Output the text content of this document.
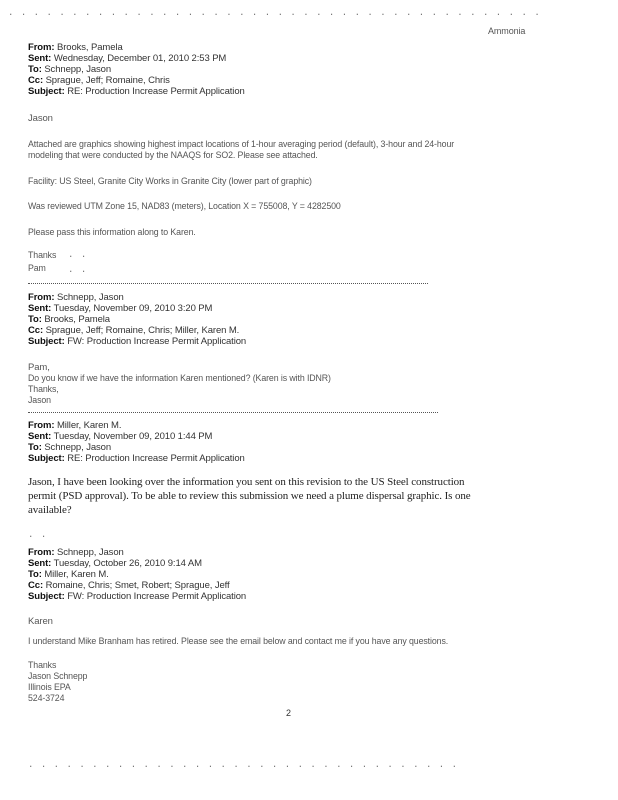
. . . . . . . . . . . . . . . . . . . . . . . . . . . . . . . . . . . . . . . . . .
Ammonia
From: Brooks, Pamela
Sent: Wednesday, December 01, 2010 2:53 PM
To: Schnepp, Jason
Cc: Sprague, Jeff; Romaine, Chris
Subject: RE: Production Increase Permit Application
Jason
Attached are graphics showing highest impact locations of 1-hour averaging period (default), 3-hour and 24-hour
modeling that were conducted by the NAAQS for SO2. Please see attached.
Facility: US Steel, Granite City Works in Granite City (lower part of graphic)
Was reviewed UTM Zone 15, NAD83 (meters), Location X = 755008, Y = 4282500
Please pass this information along to Karen.
Thanks . .
Pam . .
From: Schnepp, Jason
Sent: Tuesday, November 09, 2010 3:20 PM
To: Brooks, Pamela
Cc: Sprague, Jeff; Romaine, Chris; Miller, Karen M.
Subject: FW: Production Increase Permit Application
Pam,
Do you know if we have the information Karen mentioned? (Karen is with IDNR)
Thanks,
Jason
From: Miller, Karen M.
Sent: Tuesday, November 09, 2010 1:44 PM
To: Schnepp, Jason
Subject: RE: Production Increase Permit Application
Jason, I have been looking over the information you sent on this revision to the US Steel construction
permit (PSD approval). To be able to review this submission we need a plume dispersal graphic. Is one
available?
. .
From: Schnepp, Jason
Sent: Tuesday, October 26, 2010 9:14 AM
To: Miller, Karen M.
Cc: Romaine, Chris; Smet, Robert; Sprague, Jeff
Subject: FW: Production Increase Permit Application
Karen
I understand Mike Branham has retired. Please see the email below and contact me if you have any questions.
Thanks
Jason Schnepp
Illinois EPA
524-3724
2
. . . . . . . . . . . . . . . . . . . . . . . . . . . . . . . . . .
